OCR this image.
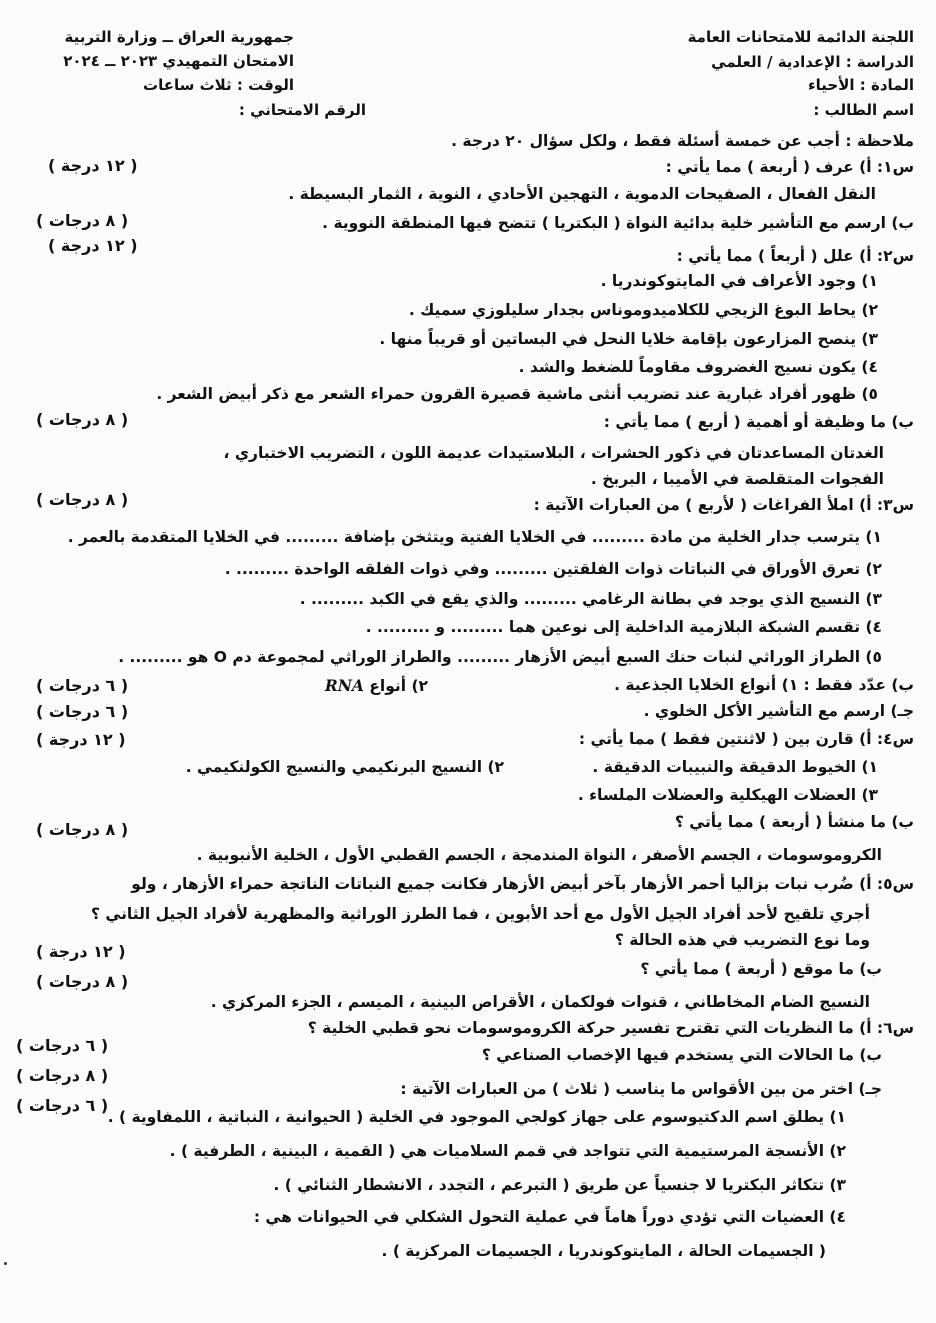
اللجنة الدائمة للامتحانات العامة
الدراسة : الإعدادية / العلمي
المادة : الأحياء
اسم الطالب :
جمهورية العراق ــ وزارة التربية
الامتحان التمهيدي ٢٠٢٣ ــ ٢٠٢٤
الوقت : ثلاث ساعات
الرقم الامتحاني :
ملاحظة : أجب عن خمسة أسئلة فقط ، ولكل سؤال ٢٠ درجة .
س١: أ) عرف ( أربعة ) مما يأتي :
( ١٢ درجة )
النقل الفعال ، الصفيحات الدموية ، التهجين الأحادي ، النوية ، الثمار البسيطة .
ب) ارسم مع التأشير خلية بدائية النواة ( البكتريا ) تتضح فيها المنطقة النووية .
( ٨ درجات )
( ١٢ درجة )
س٢: أ) علل ( أربعاً ) مما يأتي :
١) وجود الأعراف في المايتوكوندريا .
٢) يحاط البوغ الزيجي للكلاميدوموناس بجدار سليلوزي سميك .
٣) ينصح المزارعون بإقامة خلايا النحل في البساتين أو قريباً منها .
٤) يكون نسيج الغضروف مقاوماً للضغط والشد .
٥) ظهور أفراد غبارية عند تضريب أنثى ماشية قصيرة القرون حمراء الشعر مع ذكر أبيض الشعر .
ب) ما وظيفة أو أهمية ( أربع ) مما يأتي :
( ٨ درجات )
الغدتان المساعدتان في ذكور الحشرات ، البلاستيدات عديمة اللون ، التضريب الاختباري ،
الفجوات المتقلصة في الأميبا ، البربخ .
( ٨ درجات )	س٣: أ) املأ الفراغات ( لأربع ) من العبارات الآتية :
١) يترسب جدار الخلية من مادة ......... في الخلايا الفتية ويتثخن بإضافة ......... في الخلايا المتقدمة بالعمر .
٢) تعرق الأوراق في النباتات ذوات الفلقتين ......... وفي ذوات الفلقه الواحدة ......... .
٣) النسيج الذي يوجد في بطانة الرغامي ......... والذي يقع في الكبد ......... .
٤) تقسم الشبكة البلازمية الداخلية إلى نوعين هما ......... و ......... .
٥) الطراز الوراثي لنبات حنك السبع أبيض الأزهار ......... والطراز الوراثي لمجموعة دم O هو ......... .
ب) عدّد فقط : ١) أنواع الخلايا الجذعية .
٢) أنواع RNA
( ٦ درجات )
جـ) ارسم مع التأشير الأكل الخلوي .
( ٦ درجات )
س٤: أ) قارن بين ( لاثنتين فقط ) مما يأتي :
( ١٢ درجة )
١) الخيوط الدقيقة والنبيبات الدقيقة .
٢) النسيج البرنكيمي والنسيج الكولنكيمي .
٣) العضلات الهيكلية والعضلات الملساء .
ب) ما منشأ ( أربعة ) مما يأتي ؟
( ٨ درجات )
الكروموسومات ، الجسم الأصفر ، النواة المندمجة ، الجسم القطبي الأول ، الخلية الأنبوبية .
س٥: أ) ضُرب نبات بزاليا أحمر الأزهار بآخر أبيض الأزهار فكانت جميع النباتات الناتجة حمراء الأزهار ، ولو
أجري تلقيح لأحد أفراد الجيل الأول مع أحد الأبوين ، فما الطرز الوراثية والمظهرية لأفراد الجيل الثاني ؟
وما نوع التضريب في هذه الحالة ؟
( ١٢ درجة )
ب) ما موقع ( أربعة ) مما يأتي ؟
( ٨ درجات )
النسيج الضام المخاطاني ، قنوات فولكمان ، الأقراص البينية ، الميسم ، الجزء المركزي .
س٦: أ) ما النظريات التي تقترح تفسير حركة الكروموسومات نحو قطبي الخلية ؟
( ٦ درجات )	ب) ما الحالات التي يستخدم فيها الإخصاب الصناعي ؟
( ٨ درجات )
جـ) اختر من بين الأقواس ما يناسب ( ثلاث ) من العبارات الآتية :
( ٦ درجات )
١) يطلق اسم الدكتيوسوم على جهاز كولجي الموجود في الخلية ( الحيوانية ، النباتية ، اللمفاوية ) .
٢) الأنسجة المرستيمية التي تتواجد في قمم السلاميات هي ( القمية ، البينية ، الطرفية ) .
٣) تتكاثر البكتريا لا جنسياً عن طريق ( التبرعم ، التجدد ، الانشطار الثنائي ) .
٤) العضيات التي تؤدي دوراً هاماً في عملية التحول الشكلي في الحيوانات هي :
( الجسيمات الحالة ، المايتوكوندريا ، الجسيمات المركزية ) .
